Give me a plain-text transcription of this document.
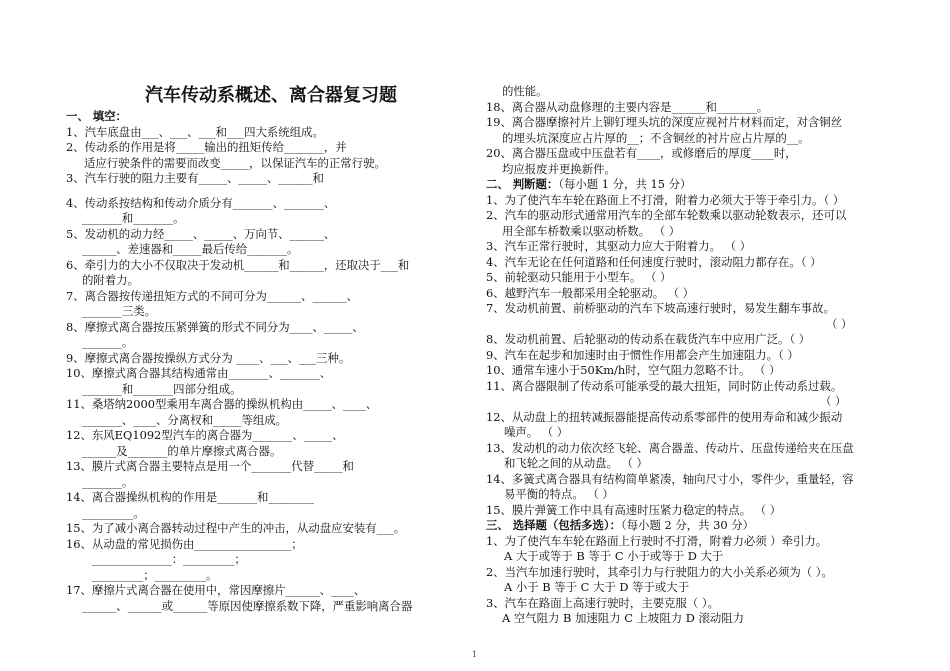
汽车传动系概述、离合器复习题
一、 填空：
1、汽车底盘由___、___、___和___四大系统组成。
2、传动系的作用是将_____输出的扭矩传给_______，并
适应行驶条件的需要而改变_____，以保证汽车的正常行驶。
3、汽车行驶的阻力主要有_____、_____、______和
4、传动系按结构和传动介质分有_______、_______、
_______和_______。
5、发动机的动力经_____、_____、万向节、______、
______、差速器和_____最后传给_______。
6、牵引力的大小不仅取决于发动机______和______，还取决于___和
的附着力。
7、离合器按传递扭矩方式的不同可分为______、______、
_______三类。
8、摩擦式离合器按压紧弹簧的形式不同分为____、_____、
_______。
9、摩擦式离合器按操纵方式分为 ____、___、___三种。
10、摩擦式离合器其结构通常由_______、_______、
_______和_______四部分组成。
11、桑塔纳2000型乘用车离合器的操纵机构由_____、____、
_______、____、分离杈和_____等组成。
12、东风EQ1092型汽车的离合器为_______、_____、
______及_______的单片摩擦式离合器。
13、膜片式离合器主要特点是用一个_______代替_____和
_______。
14、离合器操纵机构的作用是_______和________
_________。
15、为了减小离合器转动过程中产生的冲击，从动盘应安装有___。
16、从动盘的常见损伤由_________________；
______________：_________；
_________；_________。
17、摩擦片式离合器在使用中，常因摩擦片______、____、
______、______或______等原因使摩擦系数下降，严重影响离合器
的性能。
18、离合器从动盘修理的主要内容是______和_______。
19、离合器摩擦衬片上铆钉埋头坑的深度应视衬片材料而定，对含铜丝
的埋头坑深度应占片厚的__；不含铜丝的衬片应占片厚的__。
20、离合器压盘或中压盘若有____，或修磨后的厚度____时，
均应报废并更换新件。
二、 判断题：（每小题 1 分，共 15 分）
1、为了使汽车车轮在路面上不打滑，附着力必须大于等于牵引力。（ ）
2、汽车的驱动形式通常用汽车的全部车轮数乘以驱动轮数表示，还可以
用全部车桥数乘以驱动桥数。 （ ）
3、汽车正常行驶时，其驱动力应大于附着力。 （ ）
4、汽车无论在任何道路和任何速度行驶时，滚动阻力都存在。（ ）
5、前轮驱动只能用于小型车。 （ ）
6、越野汽车一般都采用全轮驱动。 （ ）
7、发动机前置、前桥驱动的汽车下坡高速行驶时，易发生翻车事故。
（ ）
8、发动机前置、后轮驱动的传动系在载货汽车中应用广泛。（ ）
9、汽车在起步和加速时由于惯性作用都会产生加速阻力。（ ）
10、通常车速小于50Km/h时，空气阻力忽略不计。 （ ）
11、离合器限制了传动系可能承受的最大扭矩，同时防止传动系过载。
（ ）
12、从动盘上的扭转减振器能提高传动系零部件的使用寿命和减少振动
噪声。 （ ）
13、发动机的动力依次经飞轮、离合器盖、传动片、压盘传递给夹在压盘
和飞轮之间的从动盘。 （ ）
14、多簧式离合器具有结构简单紧凑，轴向尺寸小，零件少，重量轻，容
易平衡的特点。 （ ）
15、膜片弹簧工作中具有高速时压紧力稳定的特点。 （ ）
三、 选择题（包括多选）：（每小题 2 分，共 30 分）
1、为了使汽车车轮在路面上行驶时不打滑，附着力必须 ）牵引力。
A 大于或等于 B 等于 C 小于或等于 D 大于
2、当汽车加速行驶时，其牵引力与行驶阻力的大小关系必须为（ ）。
A 小于 B 等于 C 大于 D 等于或大于
3、汽车在路面上高速行驶时，主要克服（ ）。
A 空气阻力 B 加速阻力 C 上坡阻力 D 滚动阻力
1
